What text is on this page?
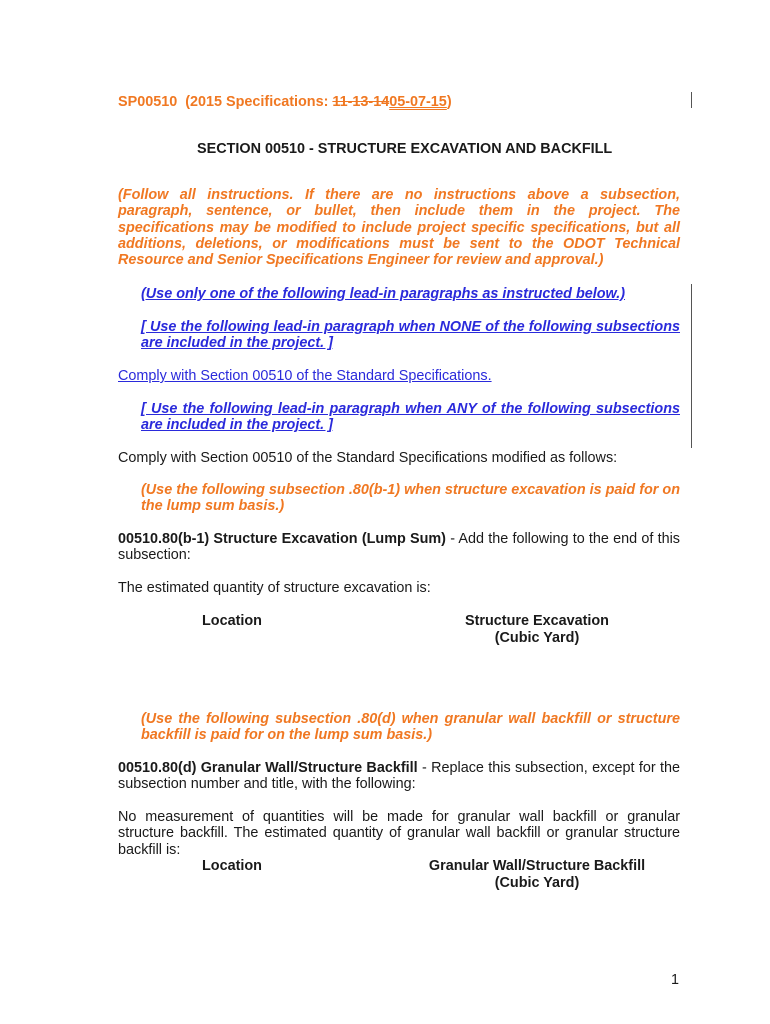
SP00510 (2015 Specifications: 11-13-1405-07-15)
SECTION 00510 - STRUCTURE EXCAVATION AND BACKFILL
(Follow all instructions. If there are no instructions above a subsection, paragraph, sentence, or bullet, then include them in the project. The specifications may be modified to include project specific specifications, but all additions, deletions, or modifications must be sent to the ODOT Technical Resource and Senior Specifications Engineer for review and approval.)
(Use only one of the following lead-in paragraphs as instructed below.)
[ Use the following lead-in paragraph when NONE of the following subsections are included in the project. ]
Comply with Section 00510 of the Standard Specifications.
[ Use the following lead-in paragraph when ANY of the following subsections are included in the project. ]
Comply with Section 00510 of the Standard Specifications modified as follows:
(Use the following subsection .80(b-1) when structure excavation is paid for on the lump sum basis.)
00510.80(b-1) Structure Excavation (Lump Sum) - Add the following to the end of this subsection:
The estimated quantity of structure excavation is:
Location	Structure Excavation
(Cubic Yard)
(Use the following subsection .80(d) when granular wall backfill or structure backfill is paid for on the lump sum basis.)
00510.80(d) Granular Wall/Structure Backfill - Replace this subsection, except for the subsection number and title, with the following:
No measurement of quantities will be made for granular wall backfill or granular structure backfill. The estimated quantity of granular wall backfill or granular structure backfill is:
Location	Granular Wall/Structure Backfill
(Cubic Yard)
1
